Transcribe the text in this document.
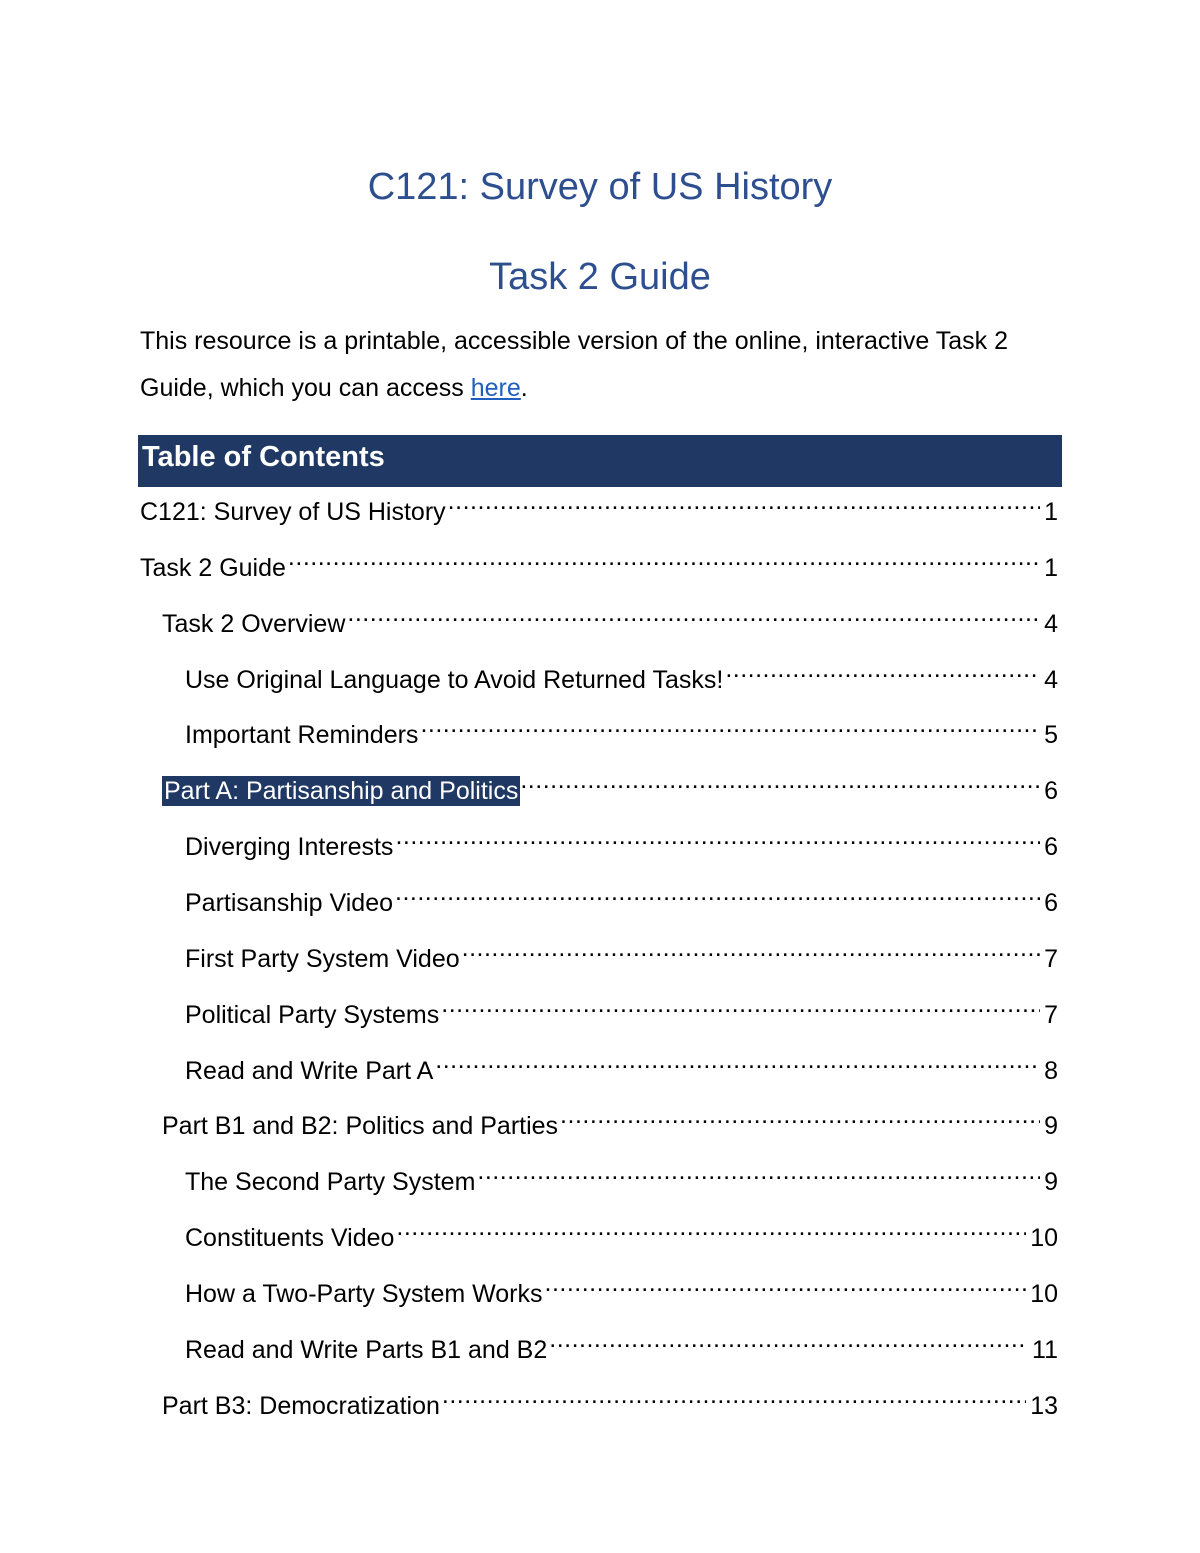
C121: Survey of US History
Task 2 Guide

This resource is a printable, accessible version of the online, interactive Task 2 Guide, which you can access here.

Table of Contents
C121: Survey of US History .....	1
Task 2 Guide .....	1
Task 2 Overview .....	4
Use Original Language to Avoid Returned Tasks! .....	4
Important Reminders .....	5
Part A: Partisanship and Politics .....	6
Diverging Interests .....	6
Partisanship Video .....	6
First Party System Video .....	7
Political Party Systems .....	7
Read and Write Part A .....	8
Part B1 and B2: Politics and Parties .....	9
The Second Party System .....	9
Constituents Video .....	10
How a Two-Party System Works .....	10
Read and Write Parts B1 and B2 .....	11
Part B3: Democratization .....	13
